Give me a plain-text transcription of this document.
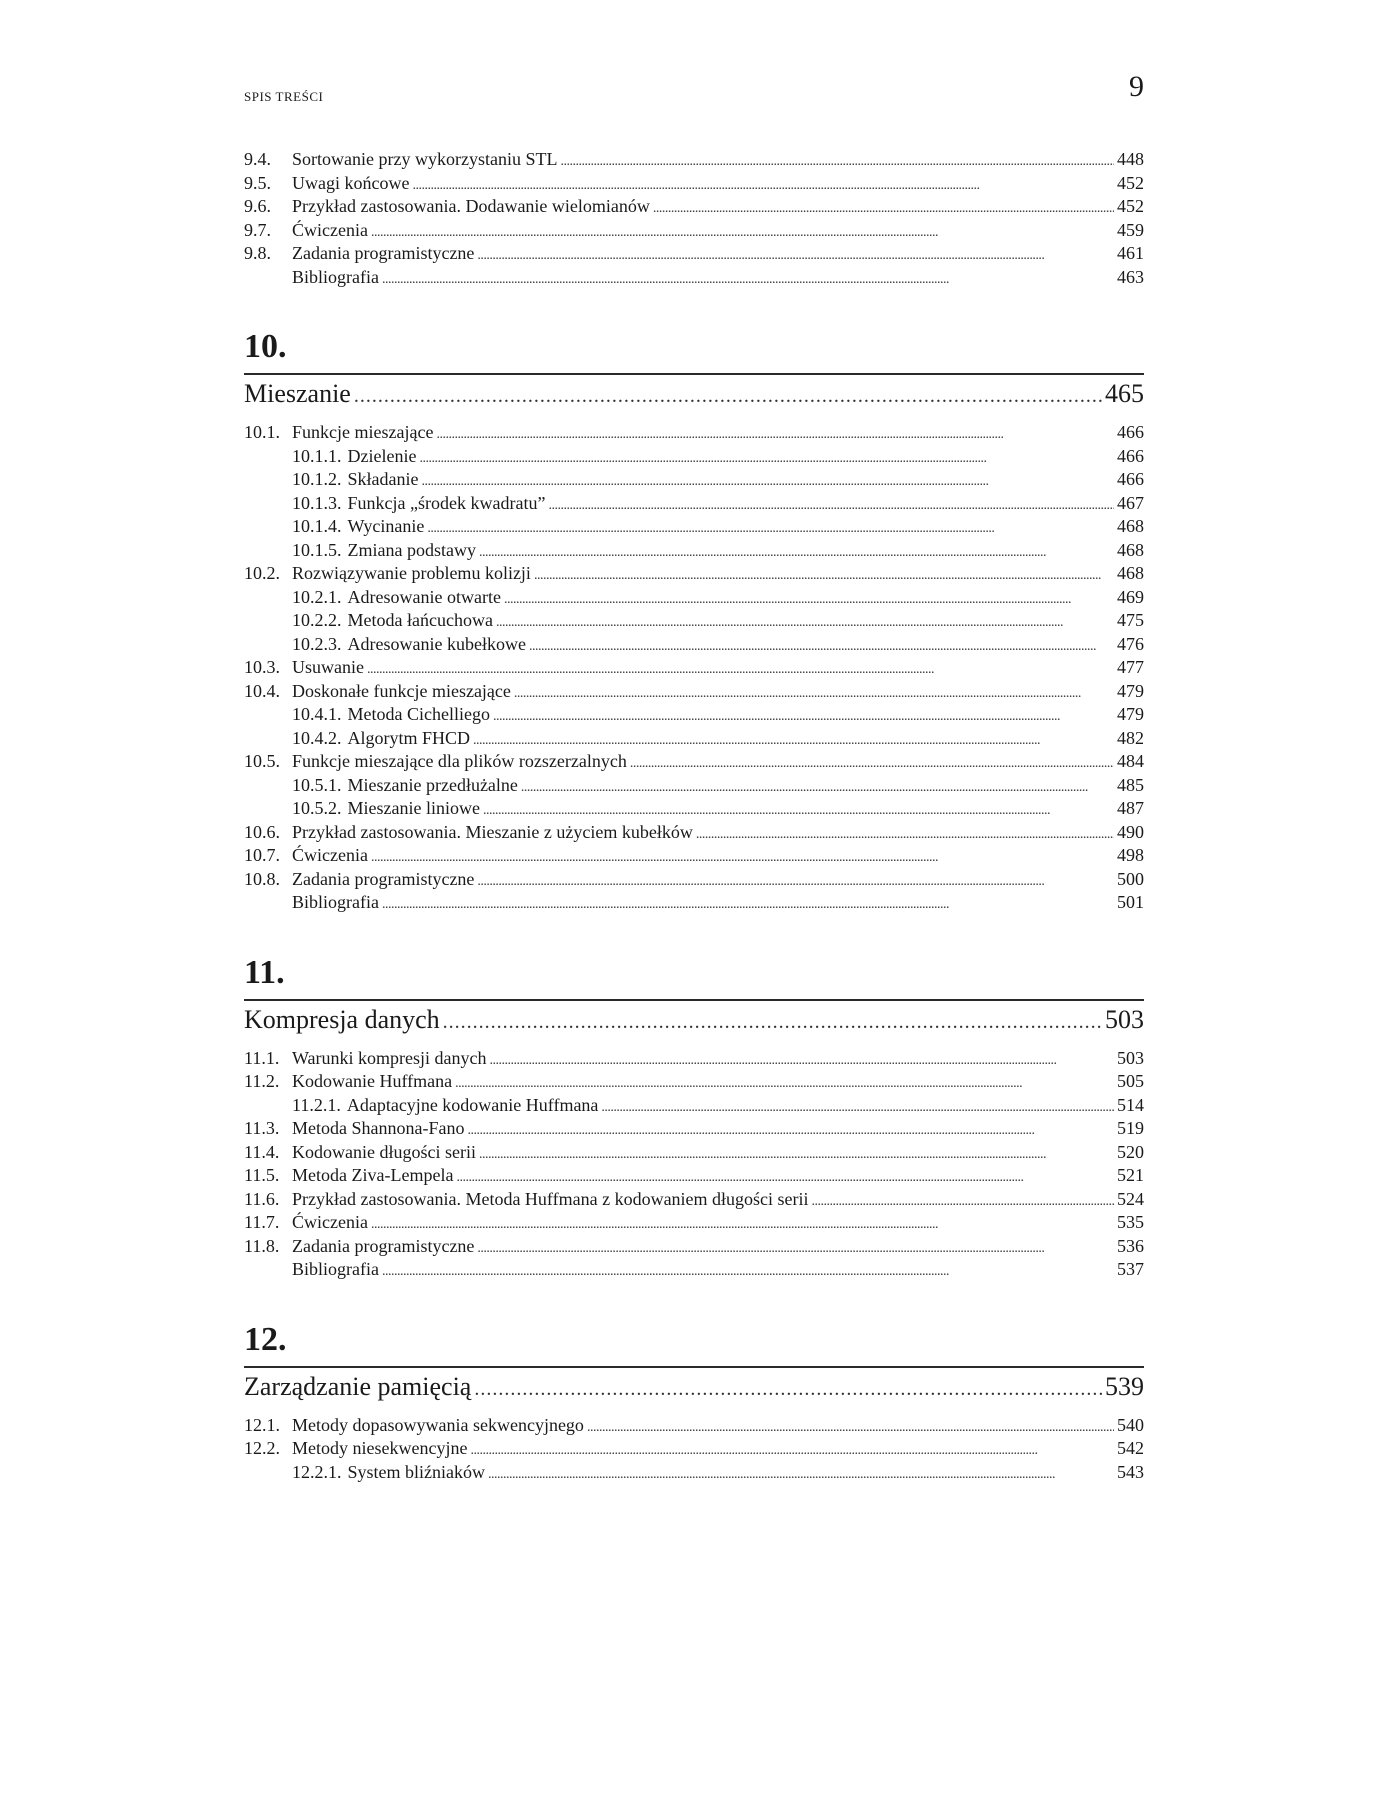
SPIS TREŚCI	9
9.4.	Sortowanie przy wykorzystaniu STL . . .	448
9.5.	Uwagi końcowe . . .	452
9.6.	Przykład zastosowania. Dodawanie wielomianów . . .	452
9.7.	Ćwiczenia . . .	459
9.8.	Zadania programistyczne . . .	461
Bibliografia . . .	463
10.
Mieszanie . . .	465
10.1. Funkcje mieszające . . .	466
10.1.1. Dzielenie . . .	466
10.1.2. Składanie . . .	466
10.1.3. Funkcja „środek kwadratu” . . .	467
10.1.4. Wycinanie . . .	468
10.1.5. Zmiana podstawy . . .	468
10.2. Rozwiązywanie problemu kolizji . . .	468
10.2.1. Adresowanie otwarte . . .	469
10.2.2. Metoda łańcuchowa . . .	475
10.2.3. Adresowanie kubełkowe . . .	476
10.3. Usuwanie . . .	477
10.4. Doskonałe funkcje mieszające . . .	479
10.4.1. Metoda Cichelliego . . .	479
10.4.2. Algorytm FHCD . . .	482
10.5. Funkcje mieszające dla plików rozszerzalnych . . .	484
10.5.1. Mieszanie przedłużalne . . .	485
10.5.2. Mieszanie liniowe . . .	487
10.6. Przykład zastosowania. Mieszanie z użyciem kubełków . . .	490
10.7. Ćwiczenia . . .	498
10.8. Zadania programistyczne . . .	500
Bibliografia . . .	501
11.
Kompresja danych . . .	503
11.1. Warunki kompresji danych . . .	503
11.2. Kodowanie Huffmana . . .	505
11.2.1. Adaptacyjne kodowanie Huffmana . . .	514
11.3. Metoda Shannona-Fano . . .	519
11.4. Kodowanie długości serii . . .	520
11.5. Metoda Ziva-Lempela . . .	521
11.6. Przykład zastosowania. Metoda Huffmana z kodowaniem długości serii . . .	524
11.7. Ćwiczenia . . .	535
11.8. Zadania programistyczne . . .	536
Bibliografia . . .	537
12.
Zarządzanie pamięcią . . .	539
12.1. Metody dopasowywania sekwencyjnego . . .	540
12.2. Metody niesekwencyjne . . .	542
12.2.1. System bliźniaków . . .	543
